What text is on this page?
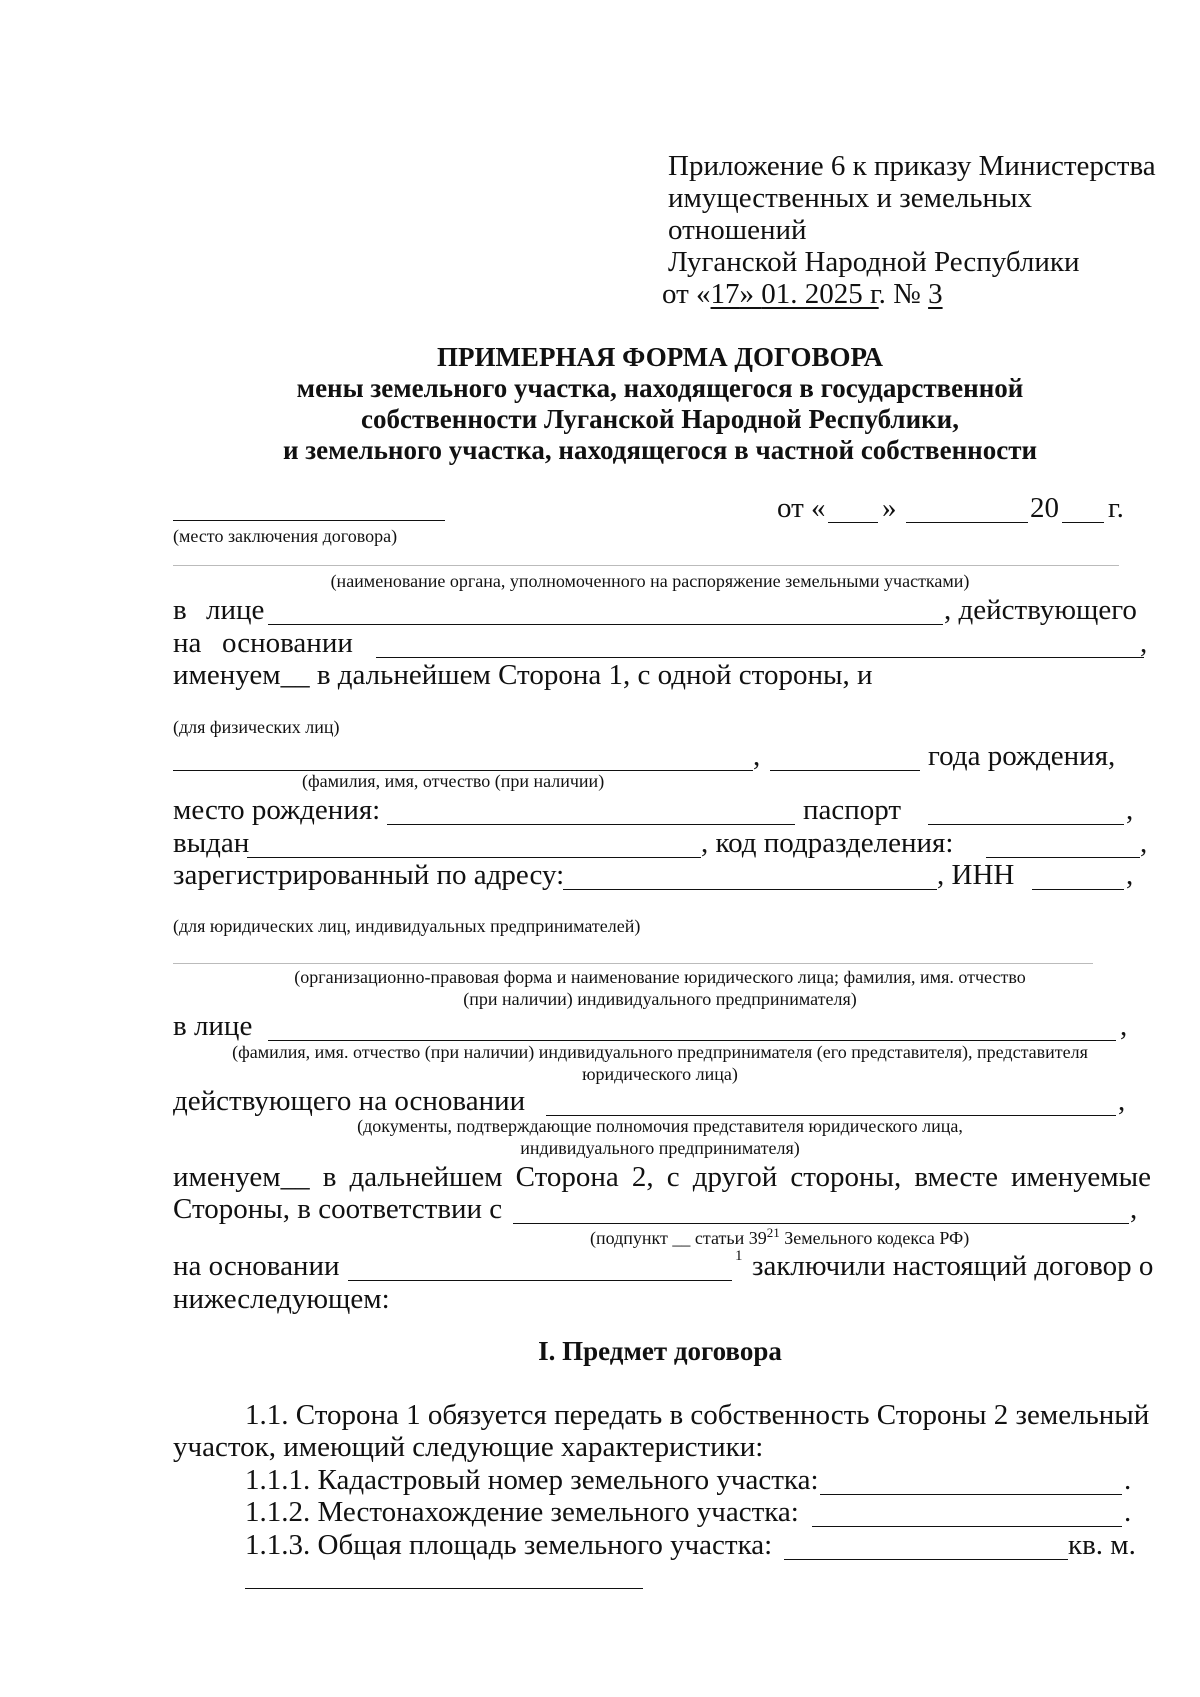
Приложение 6 к приказу Министерства
имущественных и земельных
отношений
Луганской Народной Республики
от «17» 01. 2025 г. № 3
ПРИМЕРНАЯ ФОРМА ДОГОВОРА
мены земельного участка, находящегося в государственной
собственности Луганской Народной Республики,
и земельного участка, находящегося в частной собственности
(место заключения договора)
от « »	20 г.
(наименование органа, уполномоченного на распоряжение земельными участками)
в лице	, действующего
на основании	,
именуем__ в дальнейшем Сторона 1, с одной стороны, и
(для физических лиц)
,	года рождения,
(фамилия, имя, отчество (при наличии)
место рождения:	паспорт	,
выдан	, код подразделения:	,
зарегистрированный по адресу:	, ИНН	,
(для юридических лиц, индивидуальных предпринимателей)
(организационно-правовая форма и наименование юридического лица; фамилия, имя. отчество
(при наличии) индивидуального предпринимателя)
в лице	,
(фамилия, имя. отчество (при наличии) индивидуального предпринимателя (его представителя), представителя
юридического лица)
действующего на основании	,
(документы, подтверждающие полномочия представителя юридического лица,
индивидуального предпринимателя)
именуем__ в дальнейшем Сторона 2, с другой стороны, вместе именуемые
Стороны, в соответствии с	,
(подпункт __ статьи $39^{21}$ Земельного кодекса РФ)
на основании	1 заключили настоящий договор о
нижеследующем:
I. Предмет договора
1.1. Сторона 1 обязуется передать в собственность Стороны 2 земельный
участок, имеющий следующие характеристики:
1.1.1. Кадастровый номер земельного участка:	.
1.1.2. Местонахождение земельного участка:	.
1.1.3. Общая площадь земельного участка:	кв. м.
